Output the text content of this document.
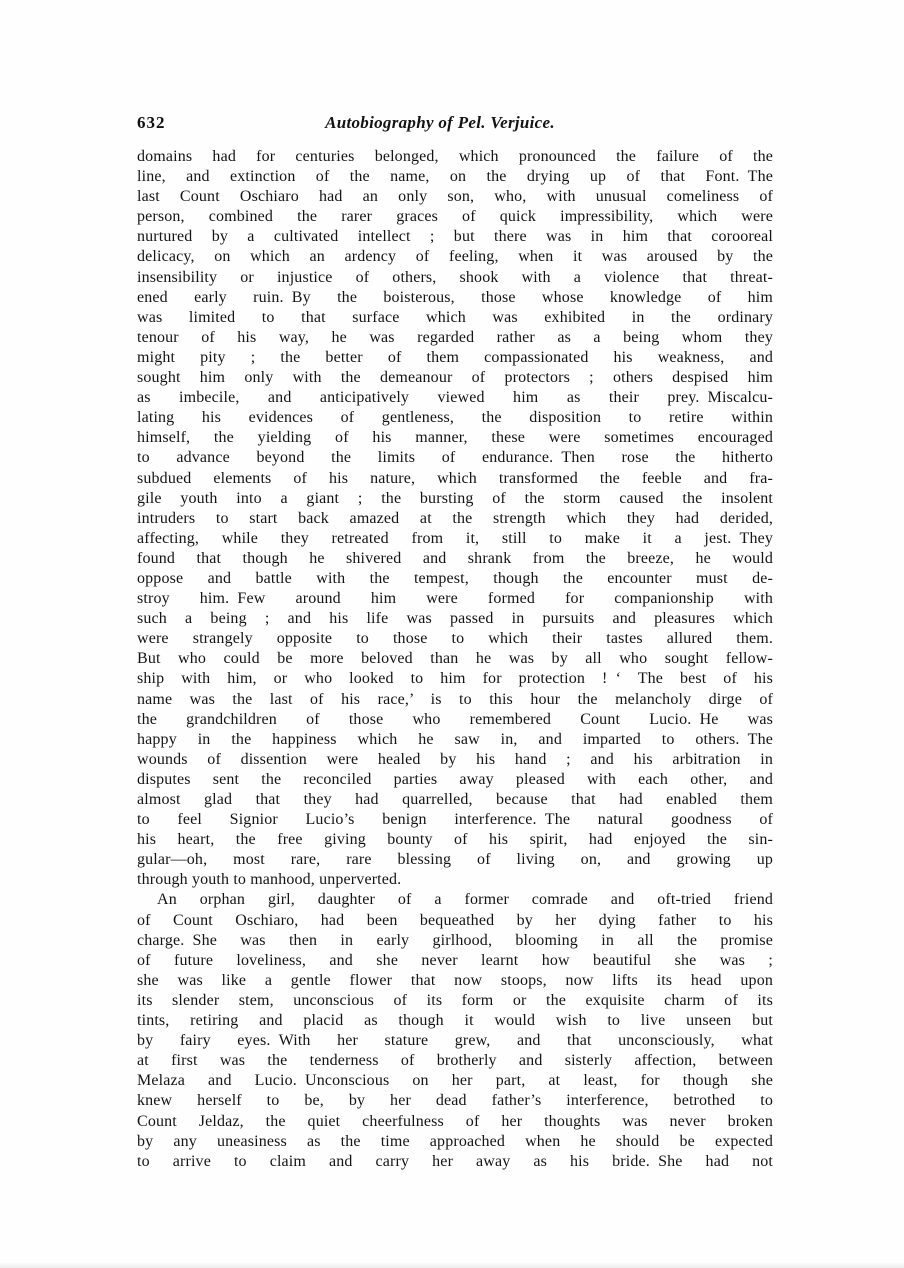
632	Autobiography of Pel. Verjuice.
domains had for centuries belonged, which pronounced the failure of the
line, and extinction of the name, on the drying up of that Font. The
last Count Oschiaro had an only son, who, with unusual comeliness of
person, combined the rarer graces of quick impressibility, which were
nurtured by a cultivated intellect ; but there was in him that corooreal
delicacy, on which an ardency of feeling, when it was aroused by the
insensibility or injustice of others, shook with a violence that threat-
ened early ruin. By the boisterous, those whose knowledge of him
was limited to that surface which was exhibited in the ordinary
tenour of his way, he was regarded rather as a being whom they
might pity ; the better of them compassionated his weakness, and
sought him only with the demeanour of protectors ; others despised him
as imbecile, and anticipatively viewed him as their prey. Miscalcu-
lating his evidences of gentleness, the disposition to retire within
himself, the yielding of his manner, these were sometimes encouraged
to advance beyond the limits of endurance. Then rose the hitherto
subdued elements of his nature, which transformed the feeble and fra-
gile youth into a giant ; the bursting of the storm caused the insolent
intruders to start back amazed at the strength which they had derided,
affecting, while they retreated from it, still to make it a jest. They
found that though he shivered and shrank from the breeze, he would
oppose and battle with the tempest, though the encounter must de-
stroy him. Few around him were formed for companionship with
such a being ; and his life was passed in pursuits and pleasures which
were strangely opposite to those to which their tastes allured them.
But who could be more beloved than he was by all who sought fellow-
ship with him, or who looked to him for protection ! ‘ The best of his
name was the last of his race,’ is to this hour the melancholy dirge of
the grandchildren of those who remembered Count Lucio. He was
happy in the happiness which he saw in, and imparted to others. The
wounds of dissention were healed by his hand ; and his arbitration in
disputes sent the reconciled parties away pleased with each other, and
almost glad that they had quarrelled, because that had enabled them
to feel Signior Lucio’s benign interference. The natural goodness of
his heart, the free giving bounty of his spirit, had enjoyed the sin-
gular—oh, most rare, rare blessing of living on, and growing up
through youth to manhood, unperverted.
An orphan girl, daughter of a former comrade and oft-tried friend
of Count Oschiaro, had been bequeathed by her dying father to his
charge. She was then in early girlhood, blooming in all the promise
of future loveliness, and she never learnt how beautiful she was ;
she was like a gentle flower that now stoops, now lifts its head upon
its slender stem, unconscious of its form or the exquisite charm of its
tints, retiring and placid as though it would wish to live unseen but
by fairy eyes. With her stature grew, and that unconsciously, what
at first was the tenderness of brotherly and sisterly affection, between
Melaza and Lucio. Unconscious on her part, at least, for though she
knew herself to be, by her dead father’s interference, betrothed to
Count Jeldaz, the quiet cheerfulness of her thoughts was never broken
by any uneasiness as the time approached when he should be expected
to arrive to claim and carry her away as his bride. She had not
